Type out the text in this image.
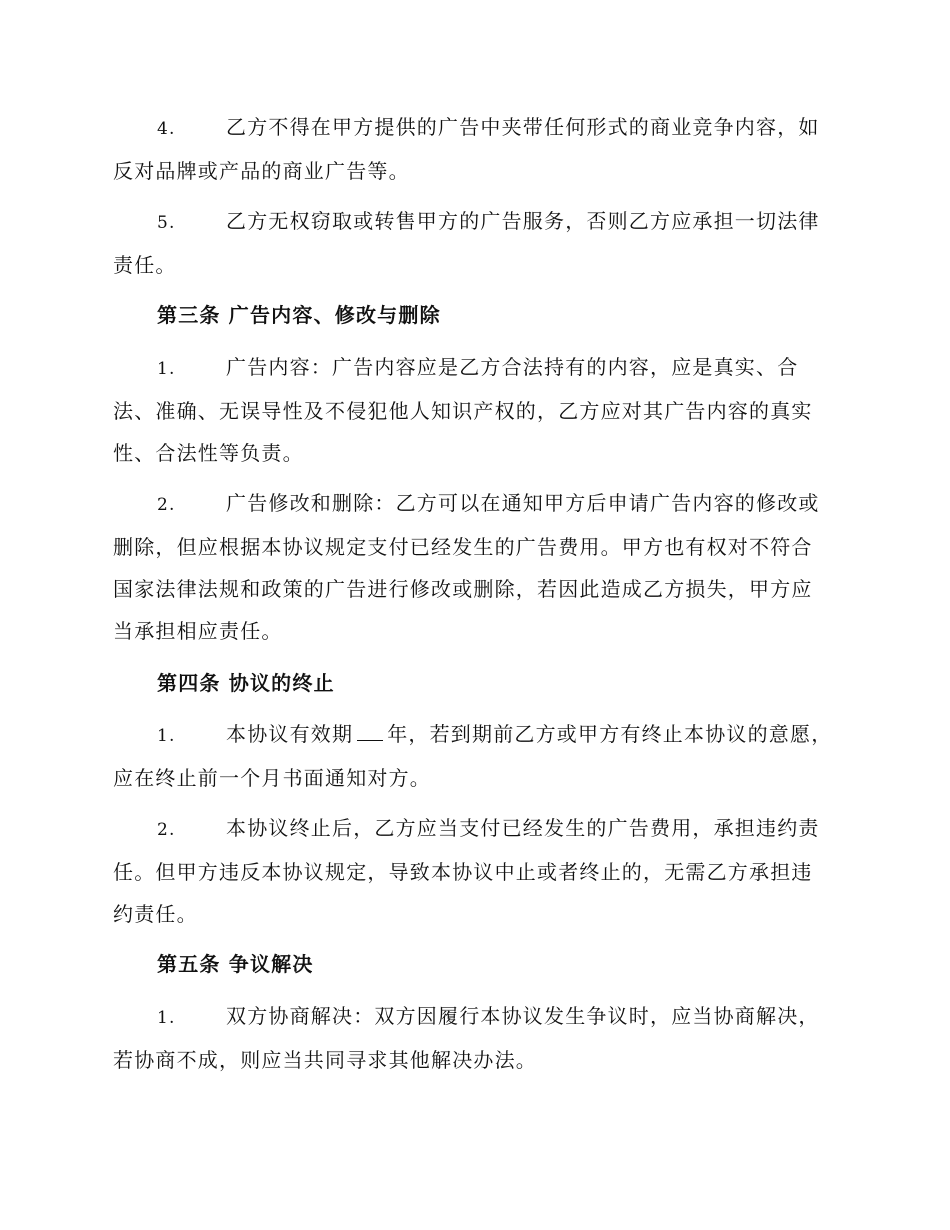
4.	乙方不得在甲方提供的广告中夹带任何形式的商业竞争内容，如反对品牌或产品的商业广告等。

5.	乙方无权窃取或转售甲方的广告服务，否则乙方应承担一切法律责任。

第三条 广告内容、修改与删除

1.	广告内容：广告内容应是乙方合法持有的内容，应是真实、合法、准确、无误导性及不侵犯他人知识产权的，乙方应对其广告内容的真实性、合法性等负责。

2.	广告修改和删除：乙方可以在通知甲方后申请广告内容的修改或删除，但应根据本协议规定支付已经发生的广告费用。甲方也有权对不符合国家法律法规和政策的广告进行修改或删除，若因此造成乙方损失，甲方应当承担相应责任。

第四条 协议的终止

1.	本协议有效期 年，若到期前乙方或甲方有终止本协议的意愿，应在终止前一个月书面通知对方。

2.	本协议终止后，乙方应当支付已经发生的广告费用，承担违约责任。但甲方违反本协议规定，导致本协议中止或者终止的，无需乙方承担违约责任。

第五条 争议解决

1.	双方协商解决：双方因履行本协议发生争议时，应当协商解决，若协商不成，则应当共同寻求其他解决办法。
